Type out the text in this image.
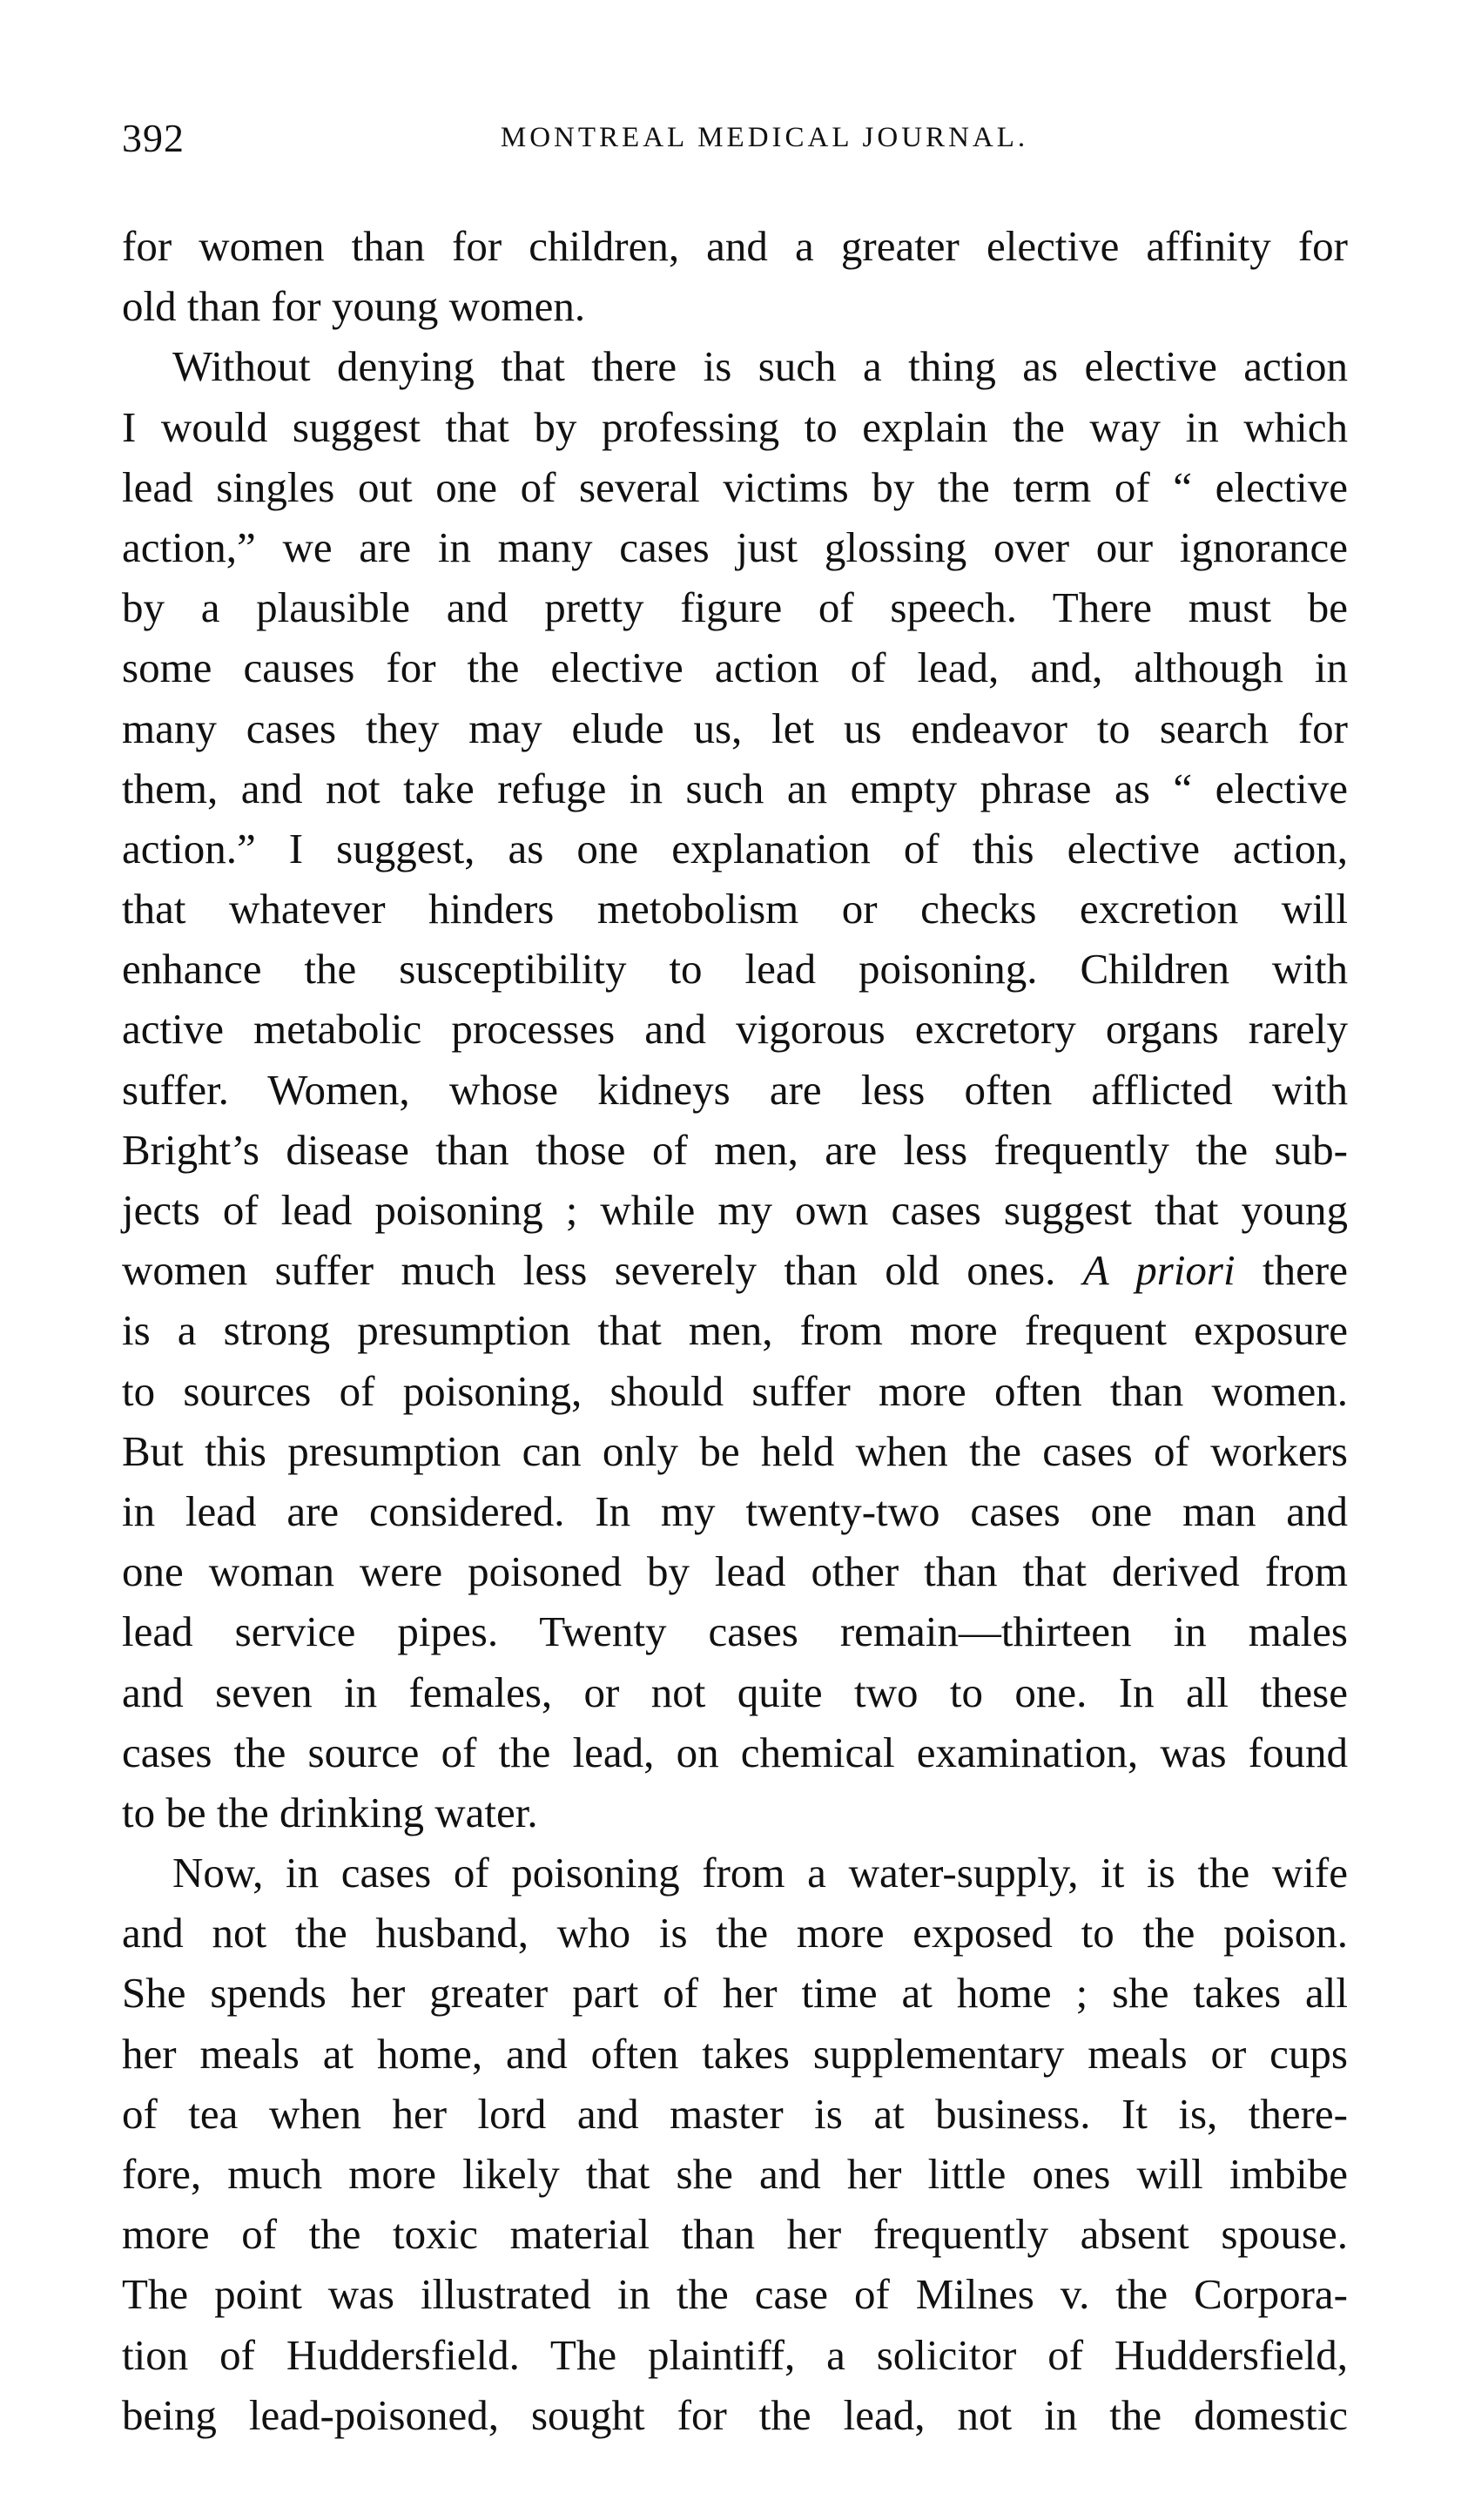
392	MONTREAL MEDICAL JOURNAL.
for women than for children, and a greater elective affinity for
old than for young women.
Without denying that there is such a thing as elective action
I would suggest that by professing to explain the way in which
lead singles out one of several victims by the term of “ elective
action,” we are in many cases just glossing over our ignorance
by a plausible and pretty figure of speech. There must be
some causes for the elective action of lead, and, although in
many cases they may elude us, let us endeavor to search for
them, and not take refuge in such an empty phrase as “ elective
action.” I suggest, as one explanation of this elective action,
that whatever hinders metobolism or checks excretion will
enhance the susceptibility to lead poisoning. Children with
active metabolic processes and vigorous excretory organs rarely
suffer. Women, whose kidneys are less often afflicted with
Bright’s disease than those of men, are less frequently the sub-
jects of lead poisoning ; while my own cases suggest that young
women suffer much less severely than old ones. A priori there
is a strong presumption that men, from more frequent exposure
to sources of poisoning, should suffer more often than women.
But this presumption can only be held when the cases of workers
in lead are considered. In my twenty-two cases one man and
one woman were poisoned by lead other than that derived from
lead service pipes. Twenty cases remain—thirteen in males
and seven in females, or not quite two to one. In all these
cases the source of the lead, on chemical examination, was found
to be the drinking water.
Now, in cases of poisoning from a water-supply, it is the wife
and not the husband, who is the more exposed to the poison.
She spends her greater part of her time at home ; she takes all
her meals at home, and often takes supplementary meals or cups
of tea when her lord and master is at business. It is, there-
fore, much more likely that she and her little ones will imbibe
more of the toxic material than her frequently absent spouse.
The point was illustrated in the case of Milnes v. the Corpora-
tion of Huddersfield. The plaintiff, a solicitor of Huddersfield,
being lead-poisoned, sought for the lead, not in the domestic
